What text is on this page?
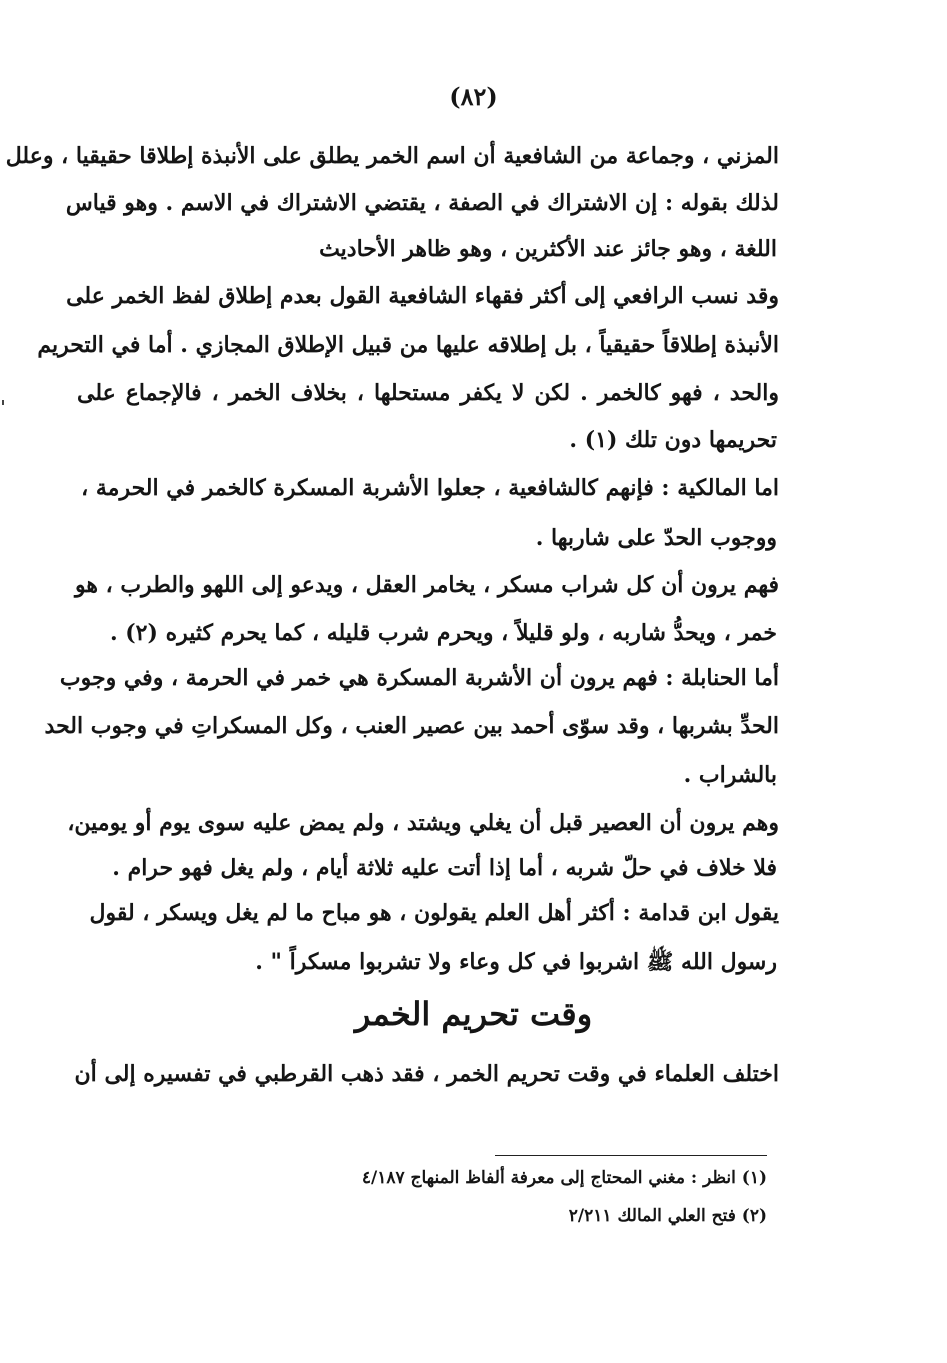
(٨٢)
المزني ، وجماعة من الشافعية أن اسم الخمر يطلق على الأنبذة إطلاقا حقيقيا ، وعلل
لذلك بقوله : إن الاشتراك في الصفة ، يقتضي الاشتراك في الاسم . وهو قياس
اللغة ، وهو جائز عند الأكثرين ، وهو ظاهر الأحاديث
وقد نسب الرافعي إلى أكثر فقهاء الشافعية القول بعدم إطلاق لفظ الخمر على
الأنبذة إطلاقاً حقيقياً ، بل إطلاقه عليها من قبيل الإطلاق المجازي . أما في التحريم
والحد ، فهو كالخمر . لكن لا يكفر مستحلها ، بخلاف الخمر ، فالإجماع على
تحريمها دون تلك (١) .
اما المالكية : فإنهم كالشافعية ، جعلوا الأشربة المسكرة كالخمر في الحرمة ،
ووجوب الحدّ على شاربها .
فهم يرون أن كل شراب مسكر ، يخامر العقل ، ويدعو إلى اللهو والطرب ، هو
خمر ، ويحدُّ شاربه ، ولو قليلاً ، ويحرم شرب قليله ، كما يحرم كثيره (٢) .
أما الحنابلة : فهم يرون أن الأشربة المسكرة هي خمر في الحرمة ، وفي وجوب
الحدِّ بشربها ، وقد سوّى أحمد بين عصير العنب ، وكل المسكراتِ في وجوب الحد
بالشراب .
وهم يرون أن العصير قبل أن يغلي ويشتد ، ولم يمض عليه سوى يوم أو يومين،
فلا خلاف في حلّ شربه ، أما إذا أتت عليه ثلاثة أيام ، ولم يغل فهو حرام .
يقول ابن قدامة : أكثر أهل العلم يقولون ، هو مباح ما لم يغل ويسكر ، لقول
رسول الله ﷺ اشربوا في كل وعاء ولا تشربوا مسكراً " .
وقت تحريم الخمر
اختلف العلماء في وقت تحريم الخمر ، فقد ذهب القرطبي في تفسيره إلى أن
(١) انظر : مغني المحتاج إلى معرفة ألفاظ المنهاج ٤/١٨٧
(٢) فتح العلي المالك ٢/٢١١
